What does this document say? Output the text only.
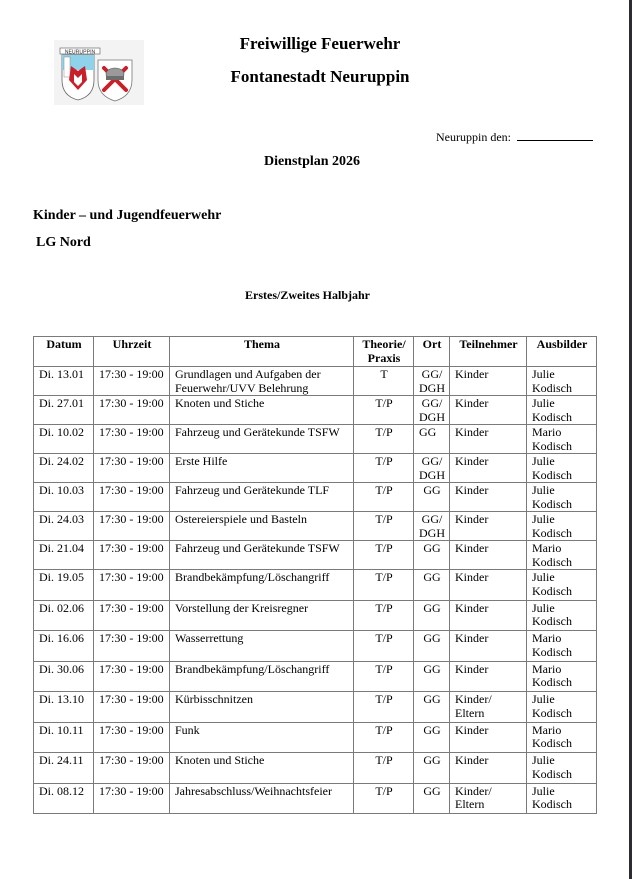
NEURUPPIN	Freiwillige Feuerwehr
Fontanestadt Neuruppin
Neuruppin den:
Dienstplan 2026
Kinder – und Jugendfeuerwehr
LG Nord
Erstes/Zweites Halbjahr
Datum	Uhrzeit	Thema	Theorie/ Praxis	Ort	Teilnehmer	Ausbilder
Di. 13.01	17:30 - 19:00	Grundlagen und Aufgaben der Feuerwehr/UVV Belehrung	T	GG/ DGH	Kinder	Julie Kodisch
Di. 27.01	17:30 - 19:00	Knoten und Stiche	T/P	GG/ DGH	Kinder	Julie Kodisch
Di. 10.02	17:30 - 19:00	Fahrzeug und Gerätekunde TSFW	T/P	GG	Kinder	Mario Kodisch
Di. 24.02	17:30 - 19:00	Erste Hilfe	T/P	GG/ DGH	Kinder	Julie Kodisch
Di. 10.03	17:30 - 19:00	Fahrzeug und Gerätekunde TLF	T/P	GG	Kinder	Julie Kodisch
Di. 24.03	17:30 - 19:00	Ostereierspiele und Basteln	T/P	GG/ DGH	Kinder	Julie Kodisch
Di. 21.04	17:30 - 19:00	Fahrzeug und Gerätekunde TSFW	T/P	GG	Kinder	Mario Kodisch
Di. 19.05	17:30 - 19:00	Brandbekämpfung/Löschangriff	T/P	GG	Kinder	Julie Kodisch
Di. 02.06	17:30 - 19:00	Vorstellung der Kreisregner	T/P	GG	Kinder	Julie Kodisch
Di. 16.06	17:30 - 19:00	Wasserrettung	T/P	GG	Kinder	Mario Kodisch
Di. 30.06	17:30 - 19:00	Brandbekämpfung/Löschangriff	T/P	GG	Kinder	Mario Kodisch
Di. 13.10	17:30 - 19:00	Kürbisschnitzen	T/P	GG	Kinder/ Eltern	Julie Kodisch
Di. 10.11	17:30 - 19:00	Funk	T/P	GG	Kinder	Mario Kodisch
Di. 24.11	17:30 - 19:00	Knoten und Stiche	T/P	GG	Kinder	Julie Kodisch
Di. 08.12	17:30 - 19:00	Jahresabschluss/Weihnachtsfeier	T/P	GG	Kinder/ Eltern	Julie Kodisch
